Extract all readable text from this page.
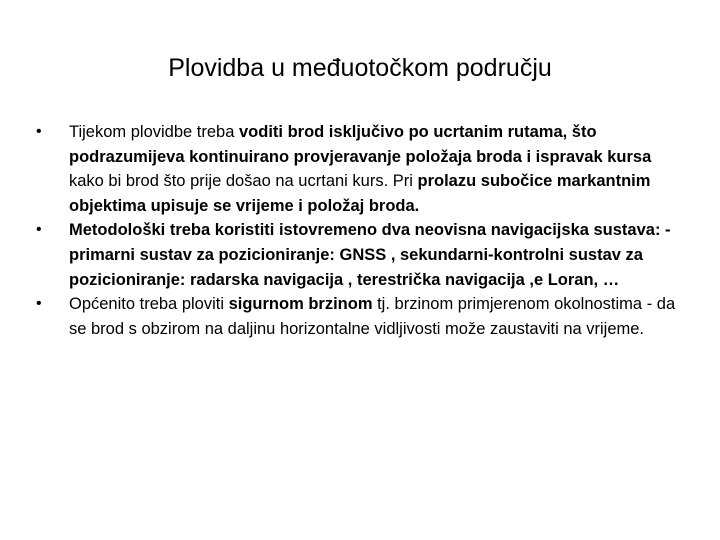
Plovidba u međuotočkom području
•	Tijekom plovidbe treba voditi brod isključivo po ucrtanim rutama, što podrazumijeva kontinuirano provjeravanje položaja broda i ispravak kursa kako bi brod što prije došao na ucrtani kurs. Pri prolazu subočice markantnim objektima upisuje se vrijeme i položaj broda.
•	Metodološki treba koristiti istovremeno dva neovisna navigacijska sustava: - primarni sustav za pozicioniranje: GNSS , sekundarni-kontrolni sustav za pozicioniranje: radarska navigacija , terestrička navigacija ,e Loran, …
•	Općenito treba ploviti sigurnom brzinom tj. brzinom primjerenom okolnostima - da se brod s obzirom na daljinu horizontalne vidljivosti može zaustaviti na vrijeme.
